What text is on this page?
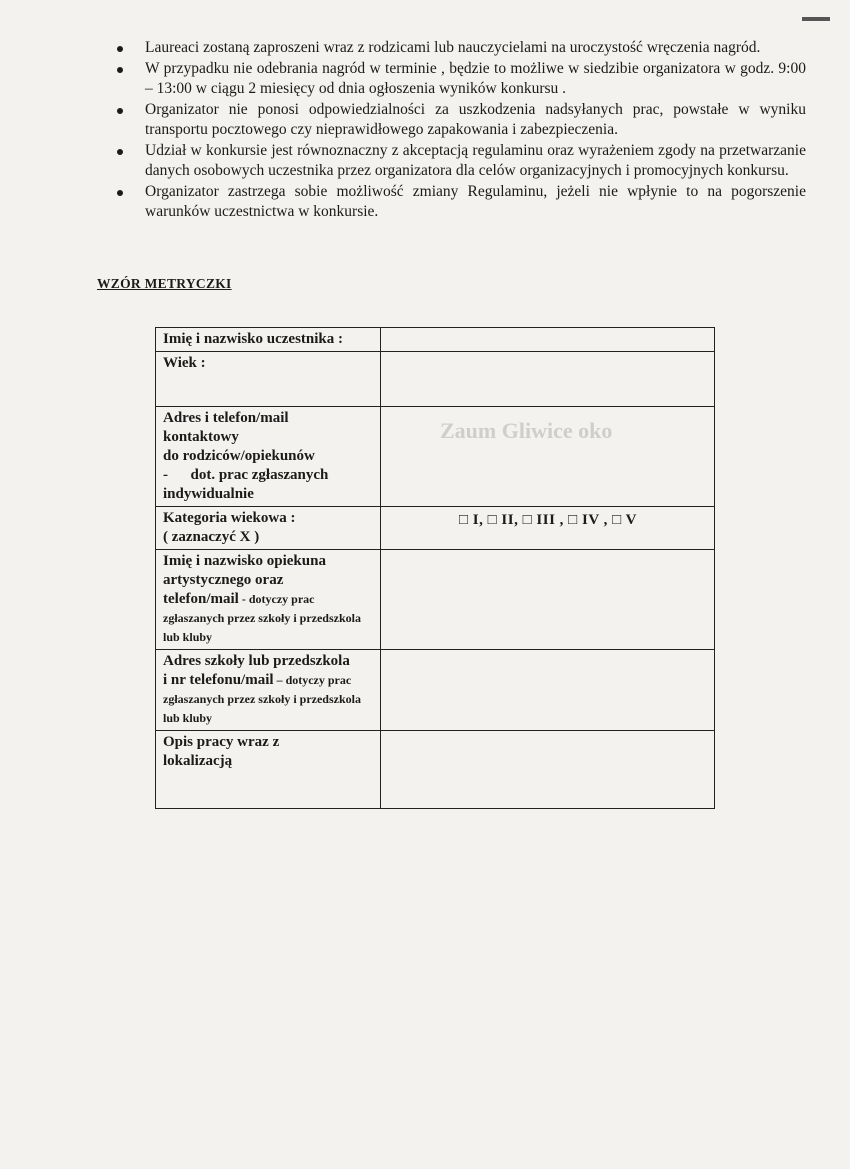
Zaum Gliwice oko
Laureaci zostaną zaproszeni wraz z rodzicami lub nauczycielami na uroczystość wręczenia nagród.
W przypadku nie odebrania nagród w terminie , będzie to możliwe w siedzibie organizatora w godz. 9:00 – 13:00 w ciągu 2 miesięcy od dnia ogłoszenia wyników konkursu .
Organizator nie ponosi odpowiedzialności za uszkodzenia nadsyłanych prac, powstałe w wyniku transportu pocztowego czy nieprawidłowego zapakowania i zabezpieczenia.
Udział w konkursie jest równoznaczny z akceptacją regulaminu oraz wyrażeniem zgody na przetwarzanie danych osobowych uczestnika przez organizatora dla celów organizacyjnych i promocyjnych konkursu.
Organizator zastrzega sobie możliwość zmiany Regulaminu, jeżeli nie wpłynie to na pogorszenie warunków uczestnictwa w konkursie.
WZÓR METRYCZKI
Imię i nazwisko uczestnika :	
Wiek :	

Adres i telefon/mail
kontaktowy
do rodziców/opiekunów
-      dot. prac zgłaszanych
indywidualnie	

Kategoria wiekowa :
( zaznaczyć X )	□ I, □ II, □ III , □ IV , □ V

Imię i nazwisko opiekuna
artystycznego oraz
telefon/mail - dotyczy prac zgłaszanych przez szkoły i przedszkola lub kluby	

Adres szkoły lub przedszkola
i nr telefonu/mail – dotyczy prac zgłaszanych przez szkoły i przedszkola lub kluby	

Opis pracy wraz z
lokalizacją	
